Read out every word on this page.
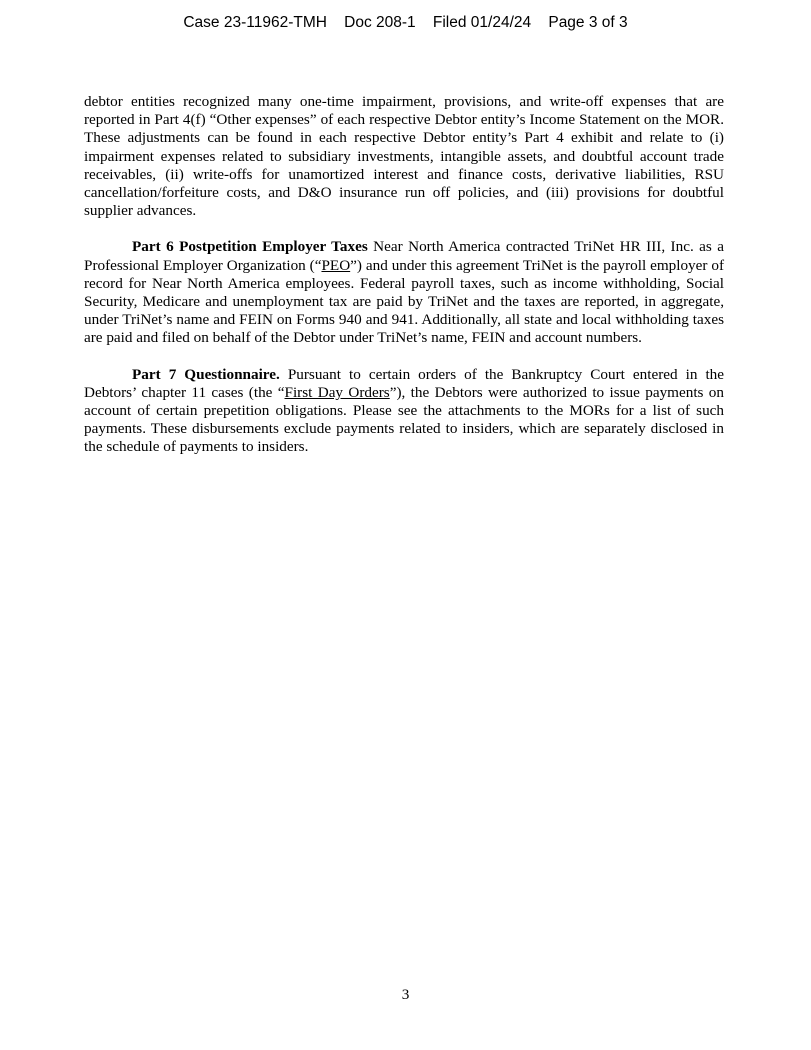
Case 23-11962-TMH    Doc 208-1    Filed 01/24/24    Page 3 of 3

debtor entities recognized many one-time impairment, provisions, and write-off expenses that are reported in Part 4(f) “Other expenses” of each respective Debtor entity’s Income Statement on the MOR. These adjustments can be found in each respective Debtor entity’s Part 4 exhibit and relate to (i) impairment expenses related to subsidiary investments, intangible assets, and doubtful account trade receivables, (ii) write-offs for unamortized interest and finance costs, derivative liabilities, RSU cancellation/forfeiture costs, and D&O insurance run off policies, and (iii) provisions for doubtful supplier advances.

Part 6 Postpetition Employer Taxes Near North America contracted TriNet HR III, Inc. as a Professional Employer Organization (“PEO”) and under this agreement TriNet is the payroll employer of record for Near North America employees. Federal payroll taxes, such as income withholding, Social Security, Medicare and unemployment tax are paid by TriNet and the taxes are reported, in aggregate, under TriNet’s name and FEIN on Forms 940 and 941. Additionally, all state and local withholding taxes are paid and filed on behalf of the Debtor under TriNet’s name, FEIN and account numbers.

Part 7 Questionnaire. Pursuant to certain orders of the Bankruptcy Court entered in the Debtors’ chapter 11 cases (the “First Day Orders”), the Debtors were authorized to issue payments on account of certain prepetition obligations. Please see the attachments to the MORs for a list of such payments. These disbursements exclude payments related to insiders, which are separately disclosed in the schedule of payments to insiders.

3
